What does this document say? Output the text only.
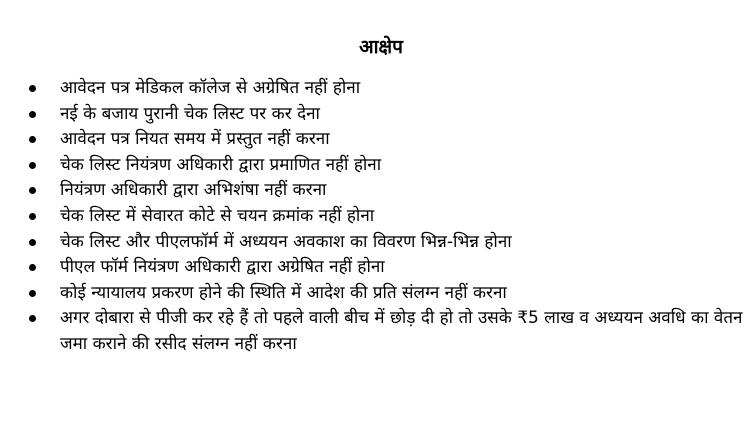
आक्षेप
आवेदन पत्र मेडिकल कॉलेज से अग्रेषित नहीं होना
नई के बजाय पुरानी चेक लिस्ट पर कर देना
आवेदन पत्र नियत समय में प्रस्तुत नहीं करना
चेक लिस्ट नियंत्रण अधिकारी द्वारा प्रमाणित नहीं होना
नियंत्रण अधिकारी द्वारा अभिशंषा नहीं करना
चेक लिस्ट में सेवारत कोटे से चयन क्रमांक नहीं होना
चेक लिस्ट और पीएलफॉर्म में अध्ययन अवकाश का विवरण भिन्न-भिन्न होना
पीएल फॉर्म नियंत्रण अधिकारी द्वारा अग्रेषित नहीं होना
कोई न्यायालय प्रकरण होने की स्थिति में आदेश की प्रति संलग्न नहीं करना
अगर दोबारा से पीजी कर रहे हैं तो पहले वाली बीच में छोड़ दी हो तो उसके ₹5 लाख व अध्ययन अवधि का वेतन जमा कराने की रसीद संलग्न नहीं करना
